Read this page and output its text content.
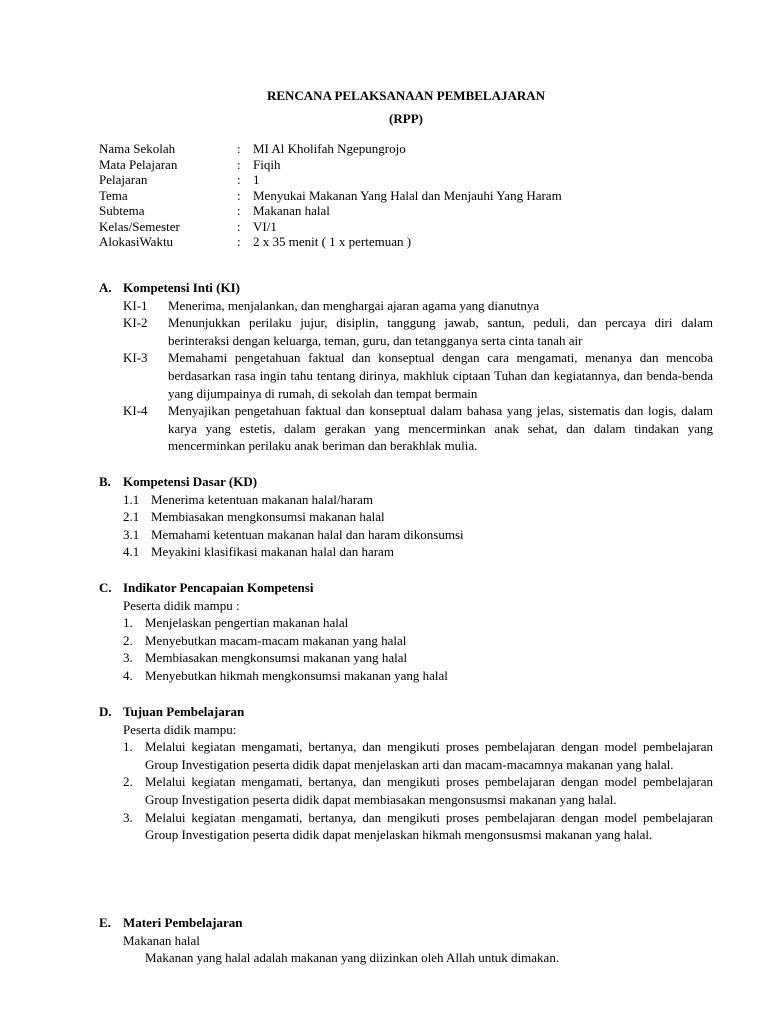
RENCANA PELAKSANAAN PEMBELAJARAN
(RPP)
Nama Sekolah	: MI Al Kholifah Ngepungrojo
Mata Pelajaran	: Fiqih
Pelajaran	: 1
Tema	: Menyukai Makanan Yang Halal dan Menjauhi Yang Haram
Subtema	: Makanan halal
Kelas/Semester	: VI/1
AlokasiWaktu	: 2 x 35 menit ( 1 x pertemuan )
A. Kompetensi Inti (KI)
KI-1	Menerima, menjalankan, dan menghargai ajaran agama yang dianutnya
KI-2	Menunjukkan perilaku jujur, disiplin, tanggung jawab, santun, peduli, dan percaya diri dalam berinteraksi dengan keluarga, teman, guru, dan tetangganya serta cinta tanah air
KI-3	Memahami pengetahuan faktual dan konseptual dengan cara mengamati, menanya dan mencoba berdasarkan rasa ingin tahu tentang dirinya, makhluk ciptaan Tuhan dan kegiatannya, dan benda-benda yang dijumpainya di rumah, di sekolah dan tempat bermain
KI-4	Menyajikan pengetahuan faktual dan konseptual dalam bahasa yang jelas, sistematis dan logis, dalam karya yang estetis, dalam gerakan yang mencerminkan anak sehat, dan dalam tindakan yang mencerminkan perilaku anak beriman dan berakhlak mulia.
B. Kompetensi Dasar (KD)
1.1 Menerima ketentuan makanan halal/haram
2.1 Membiasakan mengkonsumsi makanan halal
3.1 Memahami ketentuan makanan halal dan haram dikonsumsi
4.1 Meyakini klasifikasi makanan halal dan haram
C. Indikator Pencapaian Kompetensi
Peserta didik mampu :
1. Menjelaskan pengertian makanan halal
2. Menyebutkan macam-macam makanan yang halal
3. Membiasakan mengkonsumsi makanan yang halal
4. Menyebutkan hikmah mengkonsumsi makanan yang halal
D. Tujuan Pembelajaran
Peserta didik mampu:
1. Melalui kegiatan mengamati, bertanya, dan mengikuti proses pembelajaran dengan model pembelajaran Group Investigation peserta didik dapat menjelaskan arti dan macam-macamnya makanan yang halal.
2. Melalui kegiatan mengamati, bertanya, dan mengikuti proses pembelajaran dengan model pembelajaran Group Investigation peserta didik dapat membiasakan mengonsusmsi makanan yang halal.
3. Melalui kegiatan mengamati, bertanya, dan mengikuti proses pembelajaran dengan model pembelajaran Group Investigation peserta didik dapat menjelaskan hikmah mengonsusmsi makanan yang halal.
E. Materi Pembelajaran
Makanan halal
Makanan yang halal adalah makanan yang diizinkan oleh Allah untuk dimakan.
